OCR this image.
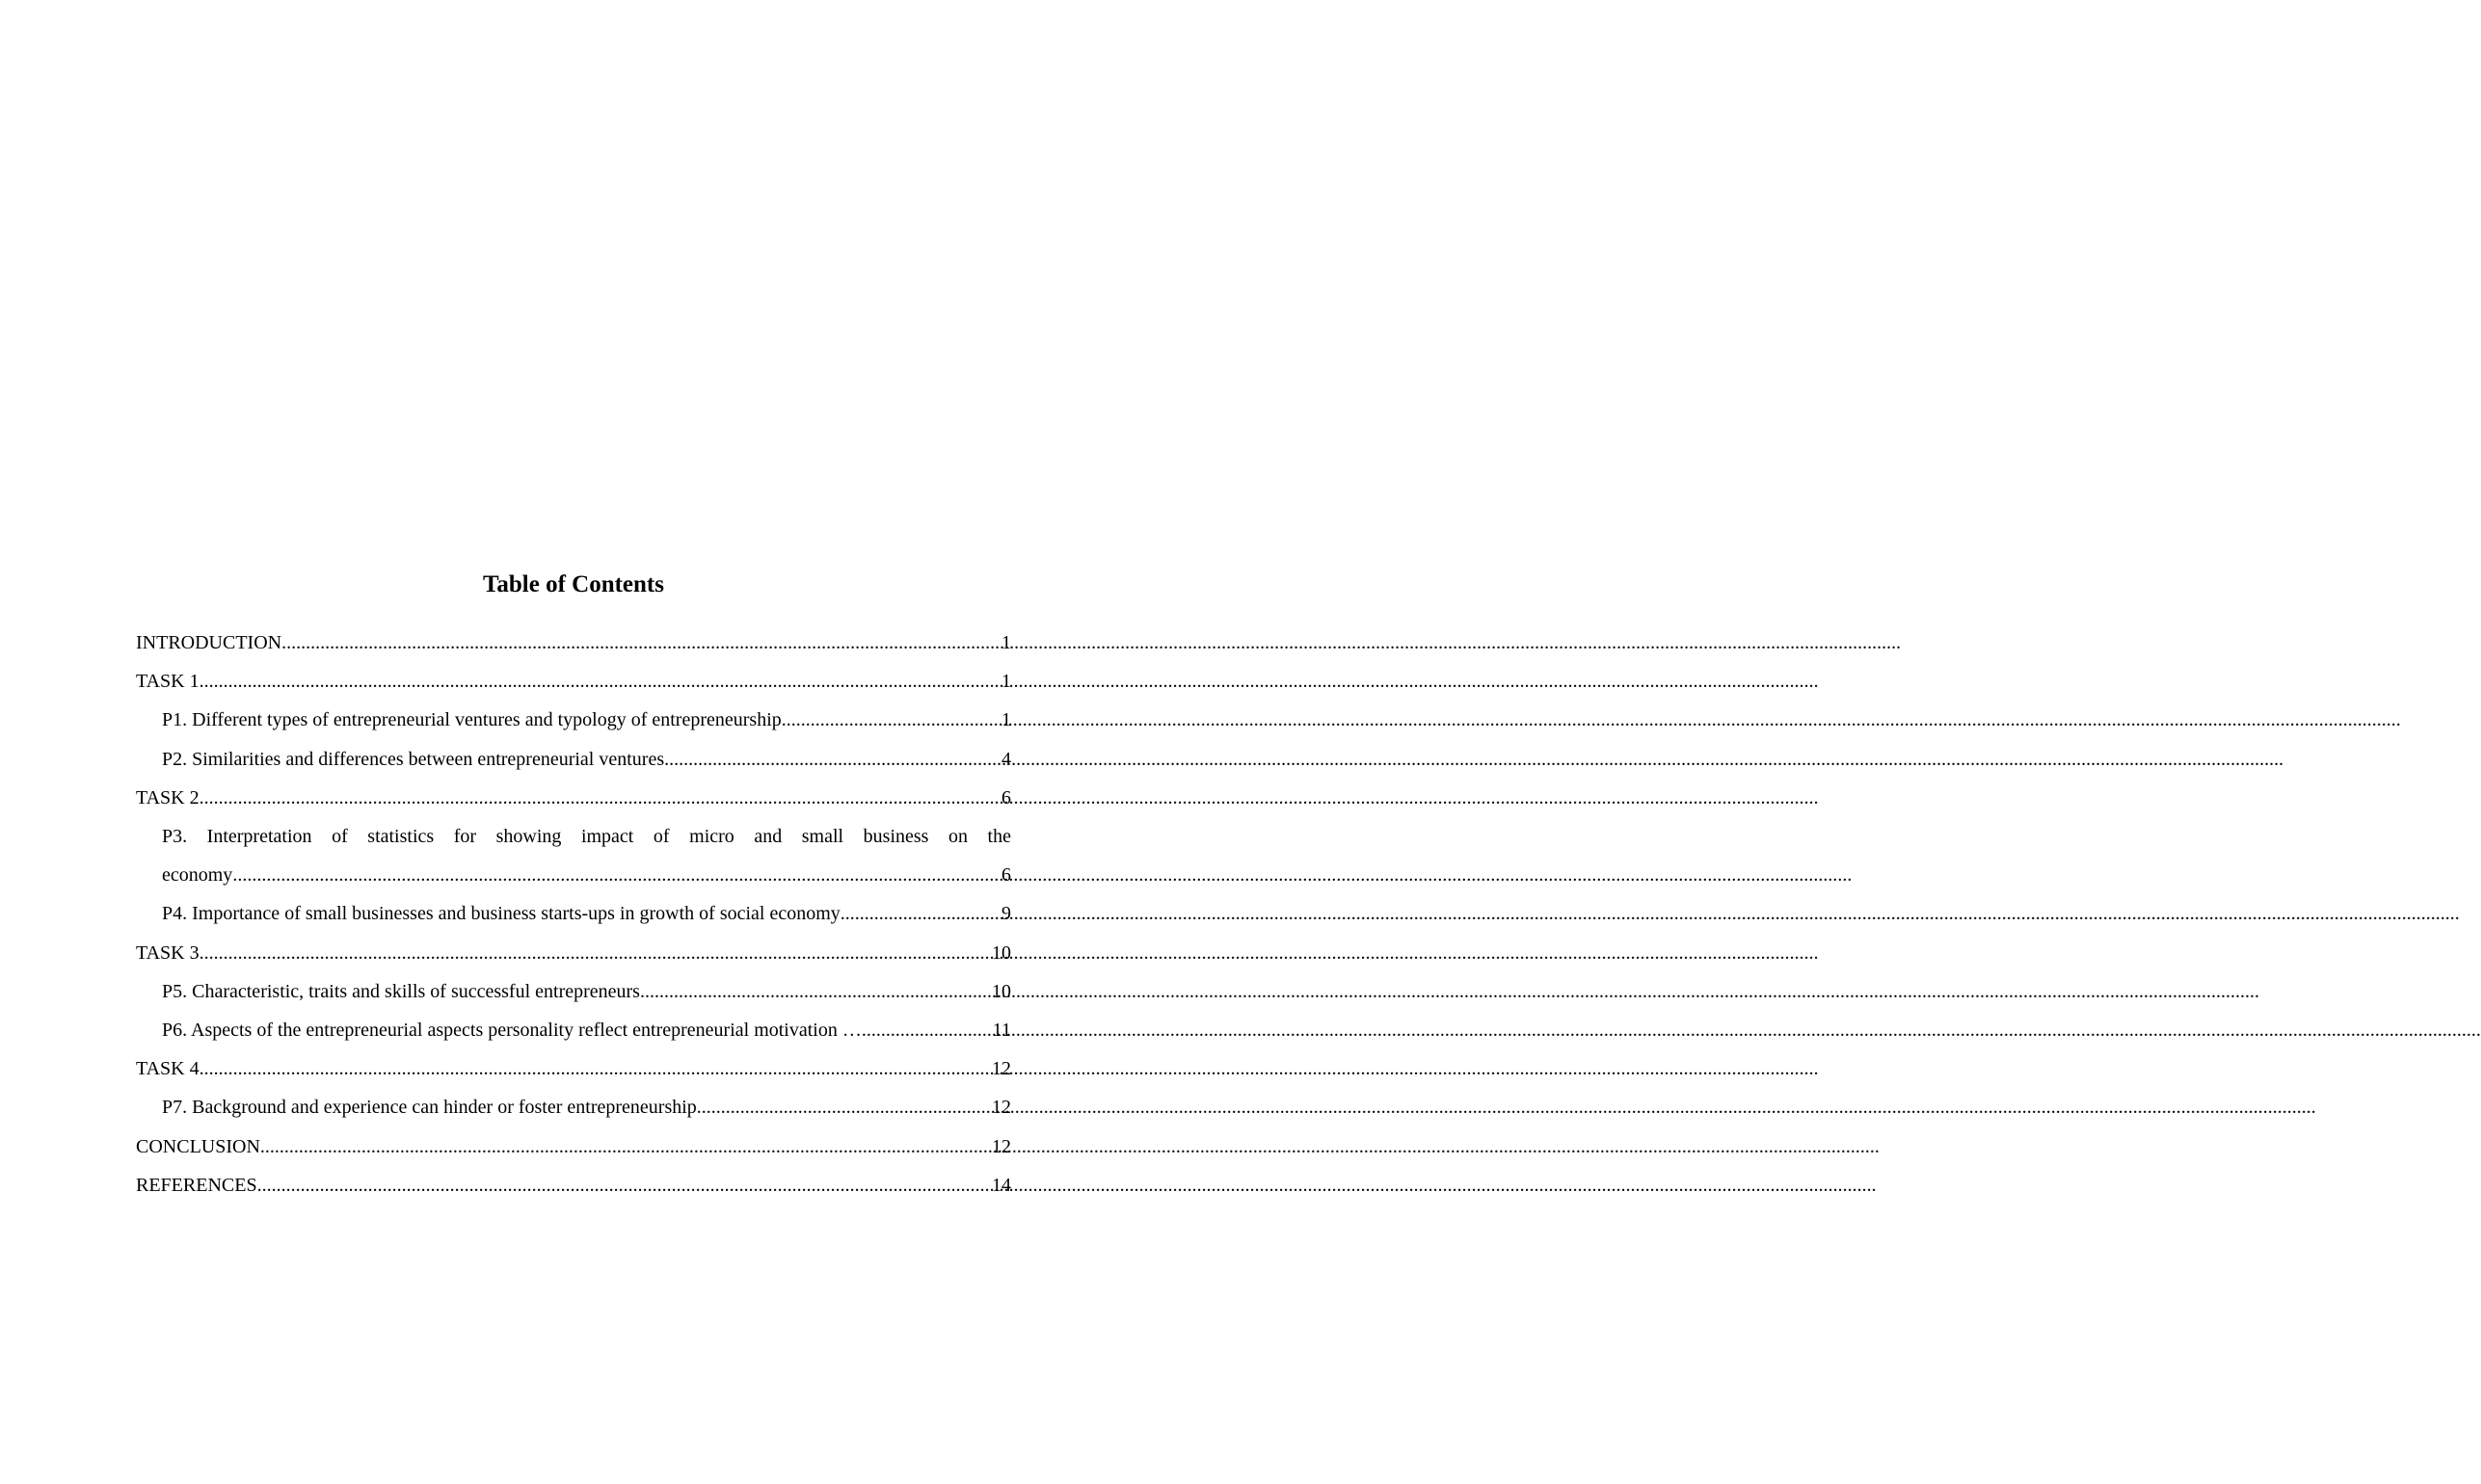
Table of Contents
INTRODUCTION .....	1
TASK 1 .....	1
P1. Different types of entrepreneurial ventures and typology of entrepreneurship .....	1
P2. Similarities and differences between entrepreneurial ventures .....	4
TASK 2 .....	6
P3. Interpretation of statistics for showing impact of micro and small business on the
economy .....	6
P4. Importance of small businesses and business starts-ups in growth of social economy .....	9
TASK 3 .....	10
P5. Characteristic, traits and skills of successful entrepreneurs .....	10
P6. Aspects of the entrepreneurial aspects personality reflect entrepreneurial motivation … .....	11
TASK 4 .....	12
P7. Background and experience can hinder or foster entrepreneurship .....	12
CONCLUSION .....	12
REFERENCES .....	14
